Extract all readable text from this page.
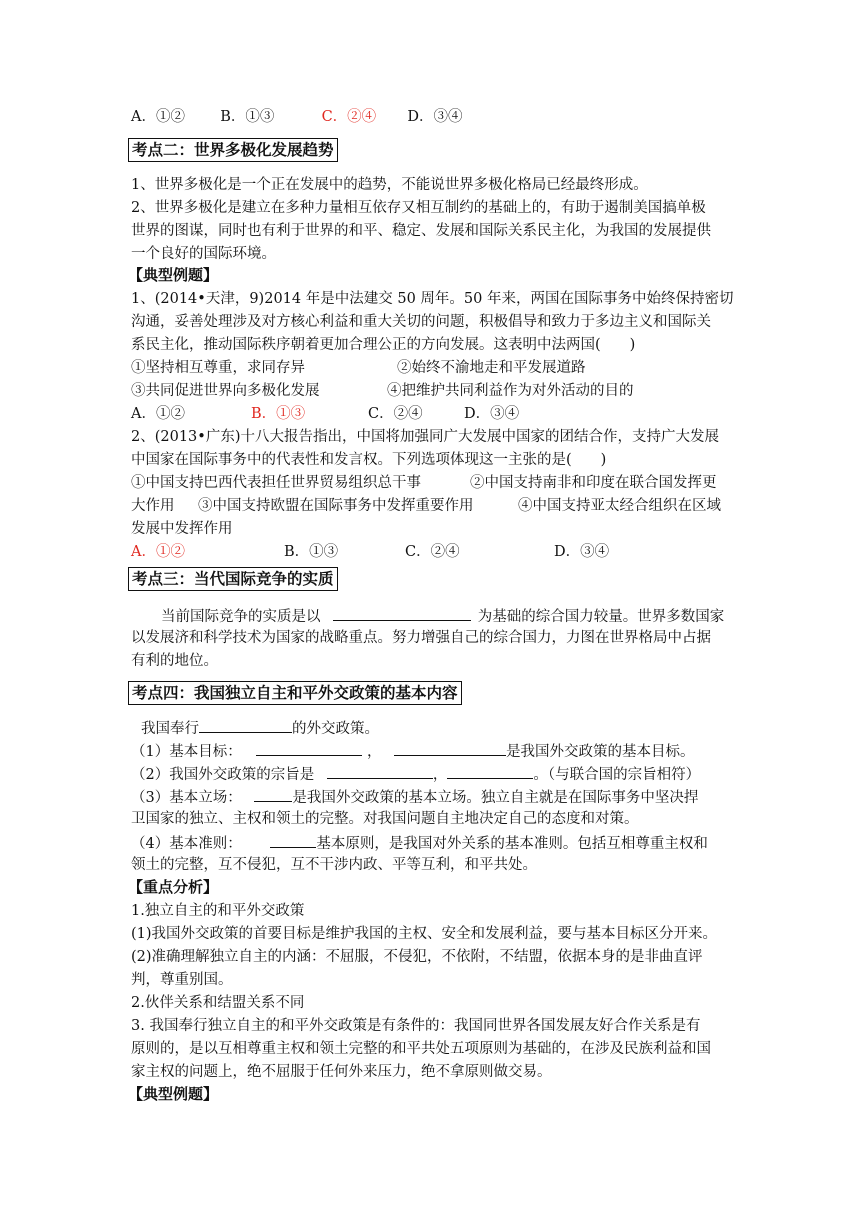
A．①② B．①③	C．②④ D．③④
考点二：世界多极化发展趋势
1、世界多极化是一个正在发展中的趋势，不能说世界多极化格局已经最终形成。
2、世界多极化是建立在多种力量相互依存又相互制约的基础上的，有助于遏制美国搞单极
世界的图谋，同时也有利于世界的和平、稳定、发展和国际关系民主化，为我国的发展提供
一个良好的国际环境。
【典型例题】
1、(2014•天津，9)2014 年是中法建交 50 周年。50 年来，两国在国际事务中始终保持密切
沟通，妥善处理涉及对方核心利益和重大关切的问题，积极倡导和致力于多边主义和国际关
系民主化，推动国际秩序朝着更加合理公正的方向发展。这表明中法两国(　　)
①坚持相互尊重，求同存异	②始终不渝地走和平发展道路
③共同促进世界向多极化发展	④把维护共同利益作为对外活动的目的
A．①②	B．①③	C．②④	D．③④
2、(2013•广东)十八大报告指出，中国将加强同广大发展中国家的团结合作，支持广大发展
中国家在国际事务中的代表性和发言权。下列选项体现这一主张的是(　　)
①中国支持巴西代表担任世界贸易组织总干事	②中国支持南非和印度在联合国发挥更
大作用 ③中国支持欧盟在国际事务中发挥重要作用	④中国支持亚太经合组织在区域
发展中发挥作用
A．①②	B．①③	C．②④	D．③④
考点三：当代国际竞争的实质
当前国际竞争的实质是以	为基础的综合国力较量。世界多数国家
以发展济和科学技术为国家的战略重点。努力增强自己的综合国力，力图在世界格局中占据
有利的地位。
考点四：我国独立自主和平外交政策的基本内容
我国奉行	的外交政策。
（1）基本目标：	，	是我国外交政策的基本目标。
（2）我国外交政策的宗旨是	，	。（与联合国的宗旨相符）
（3）基本立场：	是我国外交政策的基本立场。独立自主就是在国际事务中坚决捍
卫国家的独立、主权和领土的完整。对我国问题自主地决定自己的态度和对策。
（4）基本准则：	基本原则，是我国对外关系的基本准则。包括互相尊重主权和
领土的完整，互不侵犯，互不干涉内政、平等互利，和平共处。
【重点分析】
1.独立自主的和平外交政策
(1)我国外交政策的首要目标是维护我国的主权、安全和发展利益，要与基本目标区分开来。
(2)准确理解独立自主的内涵：不屈服，不侵犯，不依附，不结盟，依据本身的是非曲直评
判，尊重别国。
2.伙伴关系和结盟关系不同
3. 我国奉行独立自主的和平外交政策是有条件的：我国同世界各国发展友好合作关系是有
原则的，是以互相尊重主权和领土完整的和平共处五项原则为基础的，在涉及民族利益和国
家主权的问题上，绝不屈服于任何外来压力，绝不拿原则做交易。
【典型例题】
